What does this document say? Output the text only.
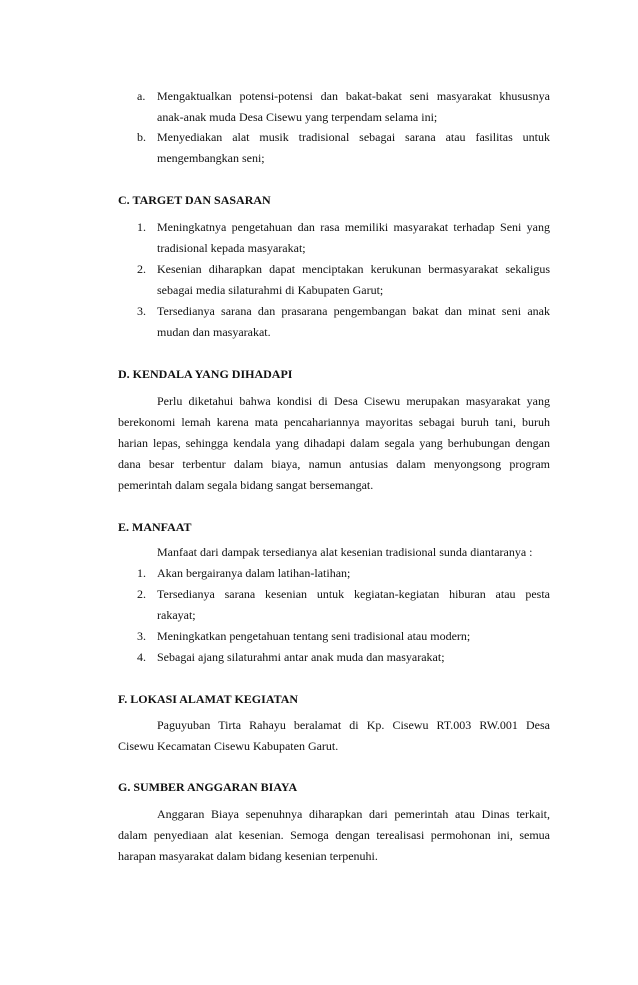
a. Mengaktualkan potensi-potensi dan bakat-bakat seni masyarakat khususnya
anak-anak muda Desa Cisewu yang terpendam selama ini;
b. Menyediakan alat musik tradisional sebagai sarana atau fasilitas untuk
mengembangkan seni;
C. TARGET DAN SASARAN
1. Meningkatnya pengetahuan dan rasa memiliki masyarakat terhadap Seni yang
tradisional kepada masyarakat;
2. Kesenian diharapkan dapat menciptakan kerukunan bermasyarakat sekaligus
sebagai media silaturahmi di Kabupaten Garut;
3. Tersedianya sarana dan prasarana pengembangan bakat dan minat seni anak
mudan dan masyarakat.
D. KENDALA YANG DIHADAPI
Perlu diketahui bahwa kondisi di Desa Cisewu merupakan masyarakat yang
berekonomi lemah karena mata pencahariannya mayoritas sebagai buruh tani, buruh
harian lepas, sehingga kendala yang dihadapi dalam segala yang berhubungan dengan
dana besar terbentur dalam biaya, namun antusias dalam menyongsong program
pemerintah dalam segala bidang sangat bersemangat.
E. MANFAAT
Manfaat dari dampak tersedianya alat kesenian tradisional sunda diantaranya :
1. Akan bergairanya dalam latihan-latihan;
2. Tersedianya sarana kesenian untuk kegiatan-kegiatan hiburan atau pesta
rakayat;
3. Meningkatkan pengetahuan tentang seni tradisional atau modern;
4. Sebagai ajang silaturahmi antar anak muda dan masyarakat;
F. LOKASI ALAMAT KEGIATAN
Paguyuban Tirta Rahayu beralamat di Kp. Cisewu RT.003 RW.001 Desa
Cisewu Kecamatan Cisewu Kabupaten Garut.
G. SUMBER ANGGARAN BIAYA
Anggaran Biaya sepenuhnya diharapkan dari pemerintah atau Dinas terkait,
dalam penyediaan alat kesenian. Semoga dengan terealisasi permohonan ini, semua
harapan masyarakat dalam bidang kesenian terpenuhi.
